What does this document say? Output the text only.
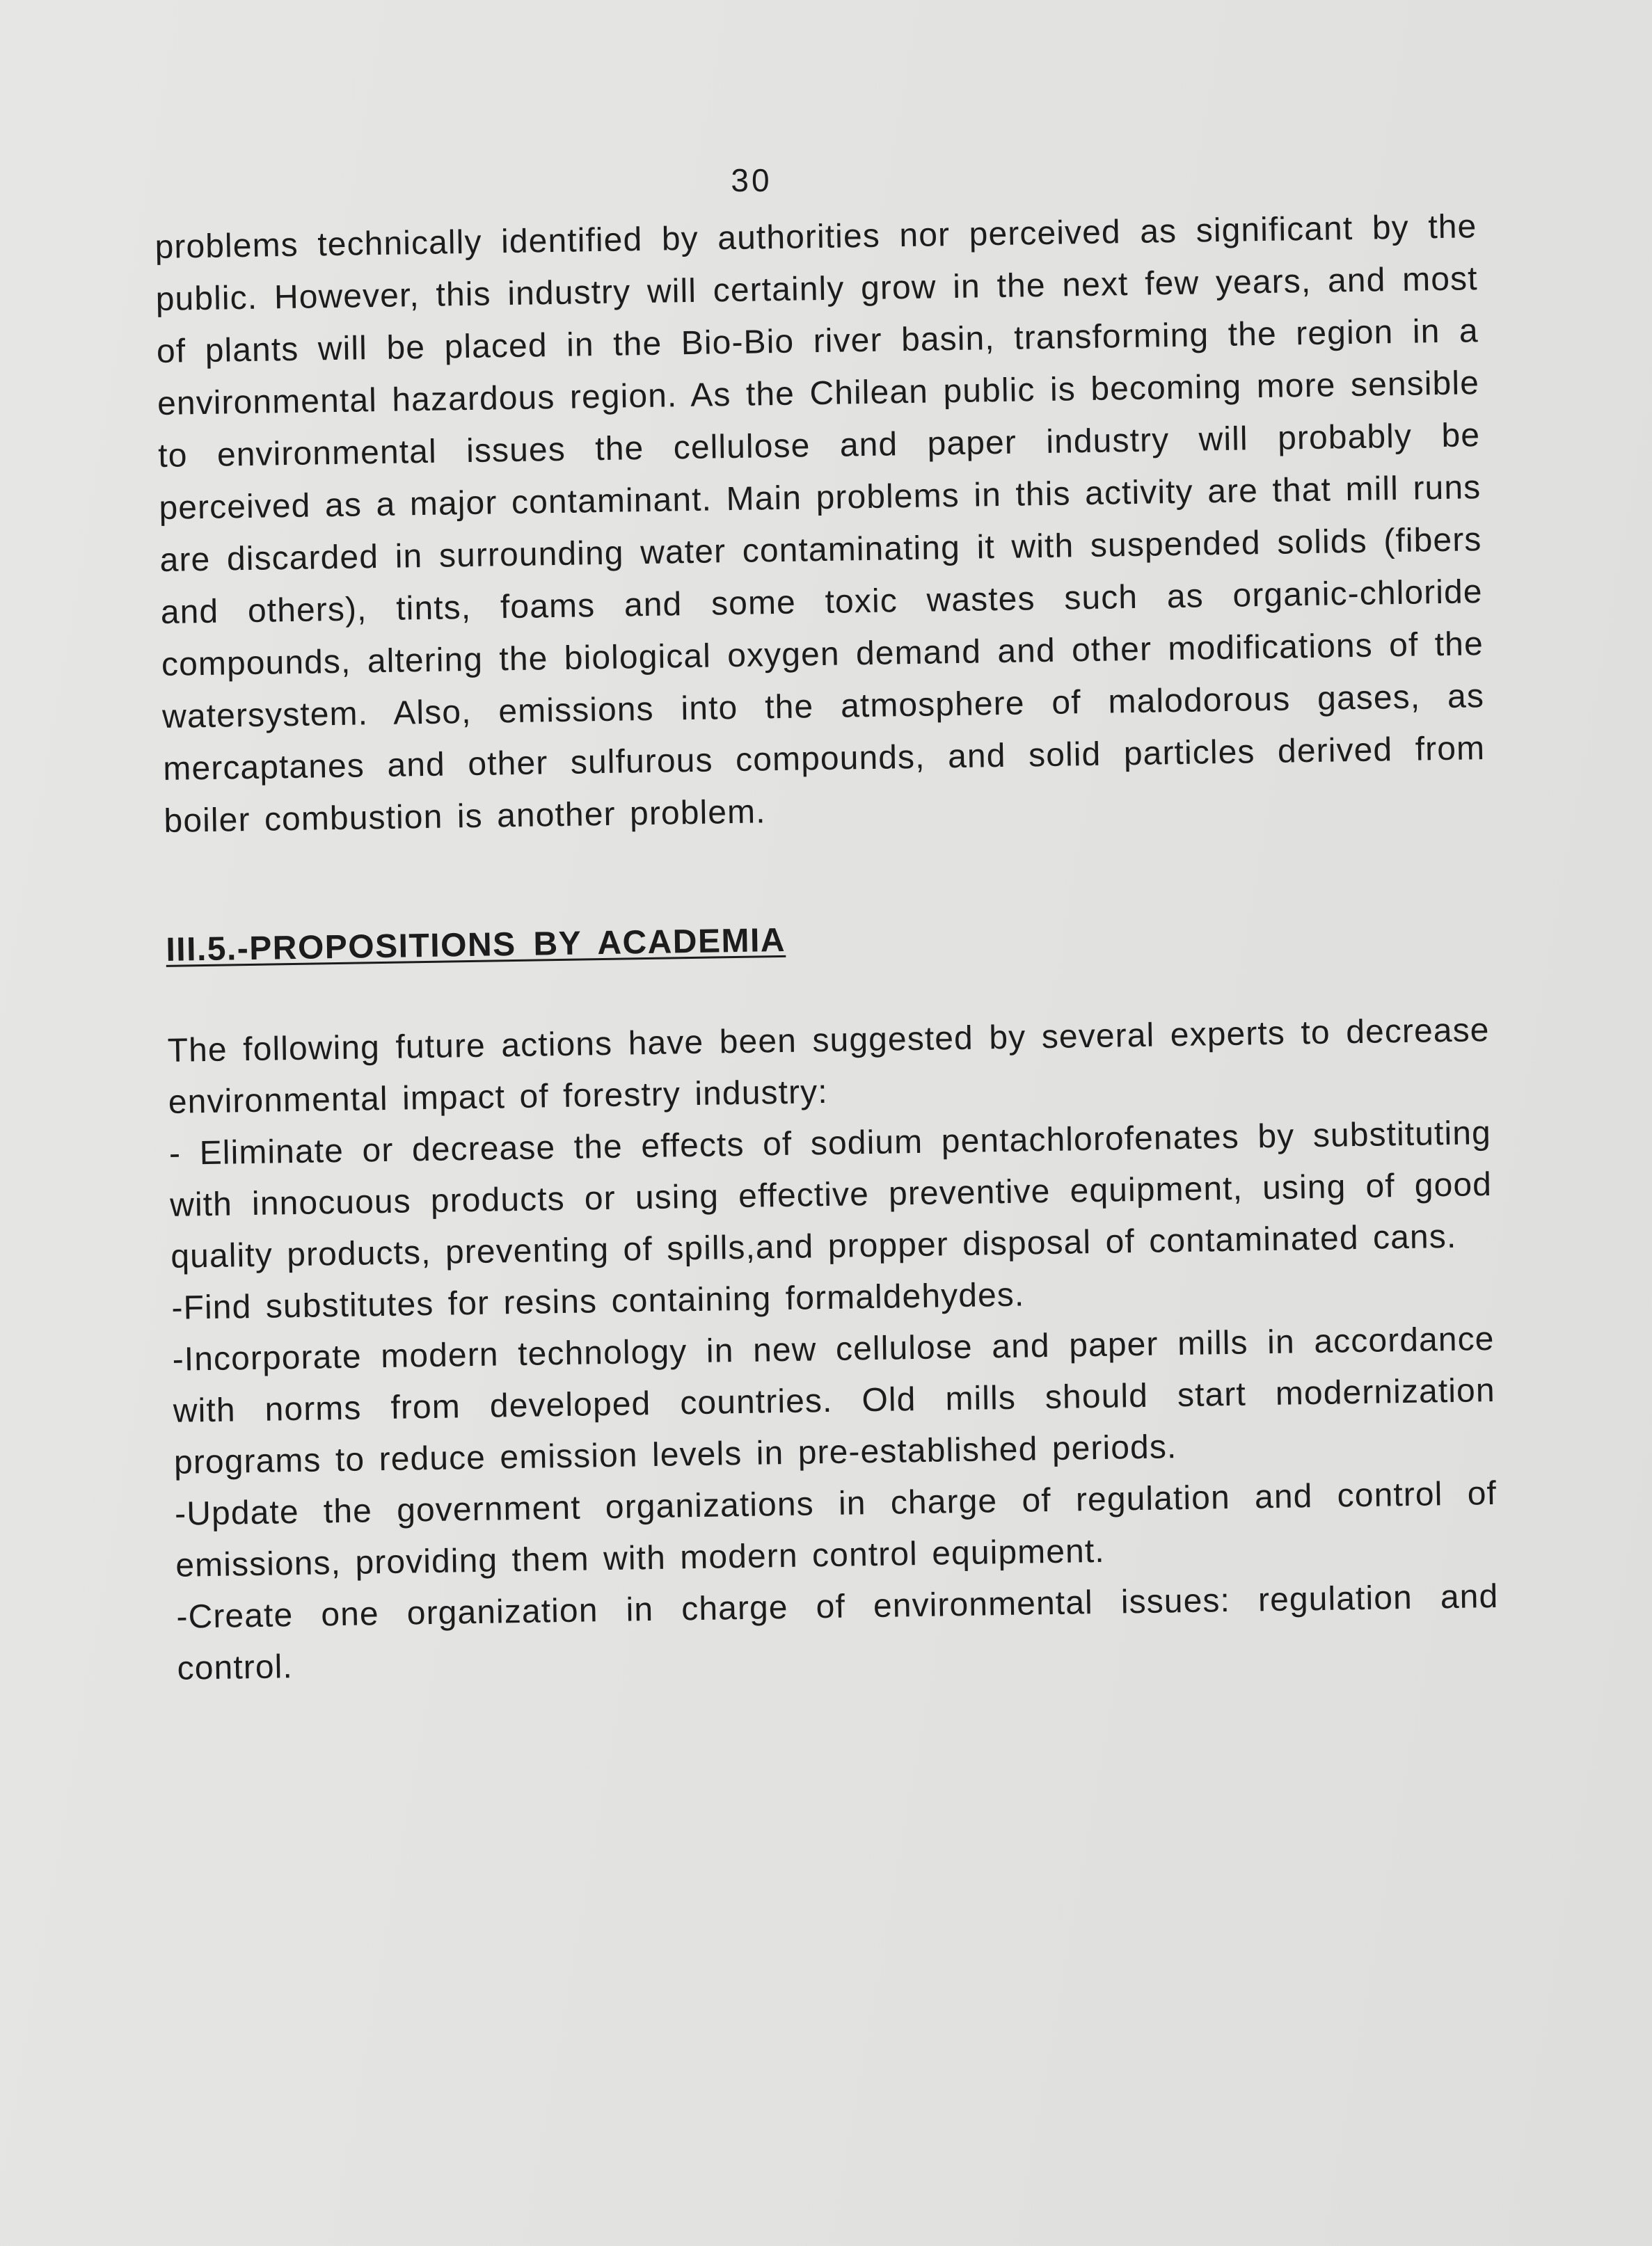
30

problems technically identified by authorities nor perceived as significant by the public. However, this industry will certainly grow in the next few years, and most of plants will be placed in the Bio-Bio river basin, transforming the region in a environmental hazardous region. As the Chilean public is becoming more sensible to environmental issues the cellulose and paper industry will probably be perceived as a major contaminant. Main problems in this activity are that mill runs are discarded in surrounding water contaminating it with suspended solids (fibers and others), tints, foams and some toxic wastes such as organic-chloride compounds, altering the biological oxygen demand and other modifications of the watersystem. Also, emissions into the atmosphere of malodorous gases, as mercaptanes and other sulfurous compounds, and solid particles derived from boiler combustion is another problem.

III.5.-PROPOSITIONS BY ACADEMIA

The following future actions have been suggested by several experts to decrease environmental impact of forestry industry:

- Eliminate or decrease the effects of sodium pentachlorofenates by substituting with innocuous products or using effective preventive equipment, using of good quality products, preventing of spills,and propper disposal of contaminated cans.
-Find substitutes for resins containing formaldehydes.
-Incorporate modern technology in new cellulose and paper mills in accordance with norms from developed countries. Old mills should start modernization programs to reduce emission levels in pre-established periods.
-Update the government organizations in charge of regulation and control of emissions, providing them with modern control equipment.
-Create one organization in charge of environmental issues: regulation and control.
